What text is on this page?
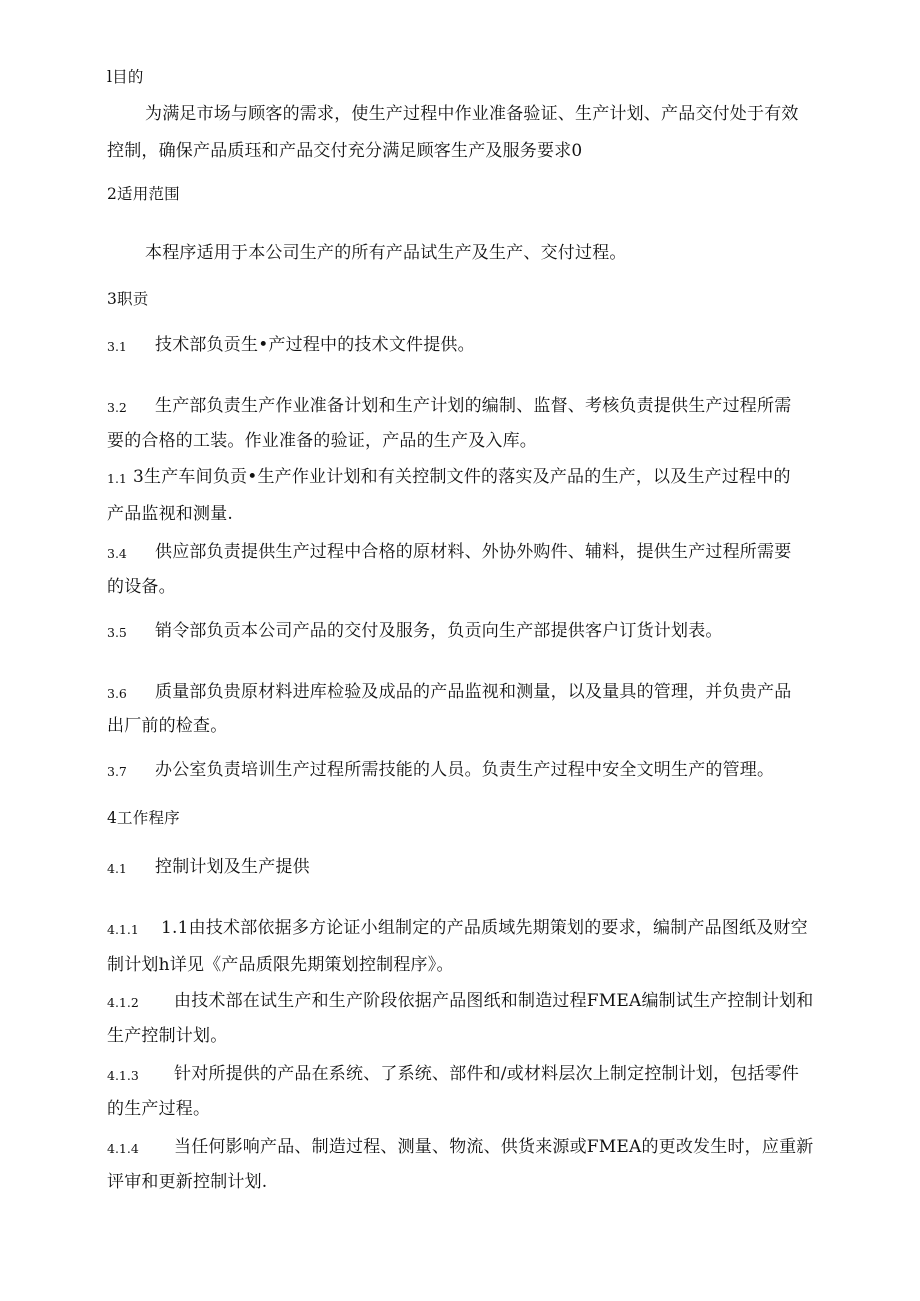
l目的
为满足市场与顾客的需求，使生产过程中作业准备验证、生产计划、产品交付处于有效
控制，确保产品质珏和产品交付充分满足顾客生产及服务要求0
2适用范围
本程序适用于本公司生产的所有产品试生产及生产、交付过程。
3职贡
3.1 技术部负贡生•产过程中的技术文件提供。
3.2 生产部负责生产作业准备计划和生产计划的编制、监督、考核负责提供生产过程所需
要的合格的工装。作业准备的验证，产品的生产及入库。
1.1 3生产车间负贡•生产作业计划和有关控制文件的落实及产品的生产，以及生产过程中的
产品监视和测量.
3.4 供应部负责提供生产过程中合格的原材料、外协外购件、辅料，提供生产过程所需要
的设备。
3.5 销令部负贡本公司产品的交付及服务，负贡向生产部提供客户订货计划表。
3.6 质量部负贵原材料进库检验及成品的产品监视和测量，以及量具的管理，并负贵产品
出厂前的检查。
3.7 办公室负责培训生产过程所需技能的人员。负责生产过程中安全文明生产的管理。
4工作程序
4.1 控制计划及生产提供
4.1.1 1.1由技术部依据多方论证小组制定的产品质域先期策划的要求，编制产品图纸及财空
制计划h详见《产品质限先期策划控制程序》。
4.1.2 由技术部在试生产和生产阶段依据产品图纸和制造过程FMEA编制试生产控制计划和
生产控制计划。
4.1.3 针对所提供的产品在系统、了系统、部件和/或材料层次上制定控制计划，包括零件
的生产过程。
4.1.4 当任何影响产品、制造过程、测量、物流、供货来源或FMEA的更改发生时，应重新
评审和更新控制计划.
